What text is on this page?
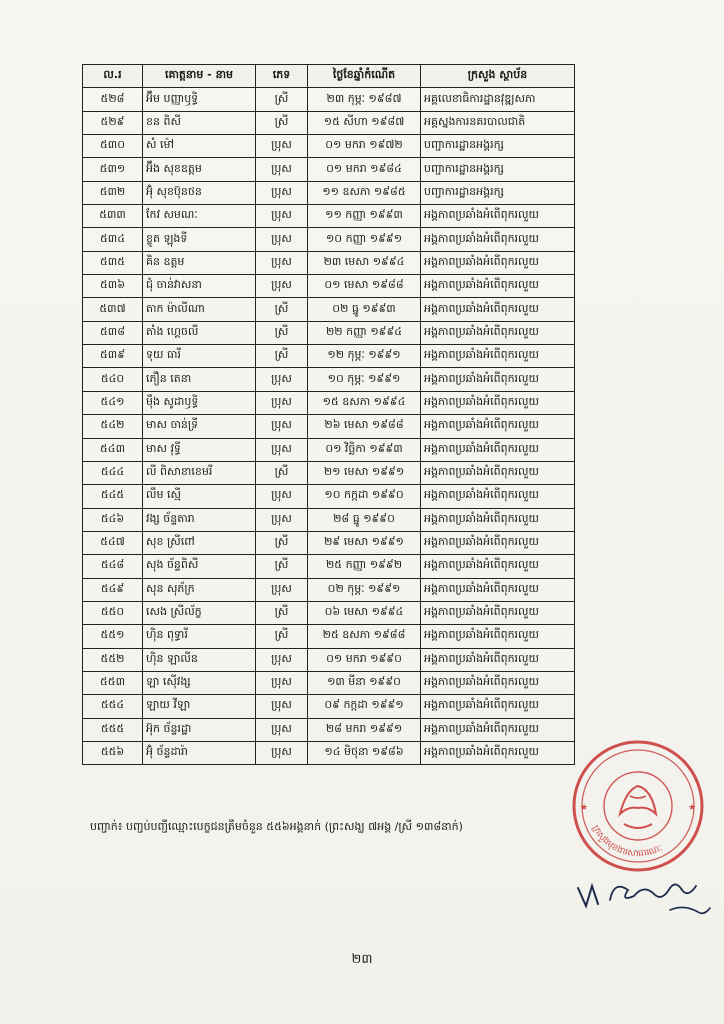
ល.រ	គោត្តនាម - នាម	ភេទ	ថ្ងៃខែឆ្នាំកំណើត	ក្រសួង ស្ថាប័ន
៥២៨	អ៊ឹម បញ្ញាឫទ្ធិ	ស្រី	២៣ កុម្ភៈ ១៩៨៧	អគ្គលេខាធិការដ្ឋានវុឌ្ឍសភា
៥២៩	ខន ពិសី	ស្រី	១៥ សីហា ១៩៨៧	អគ្គស្នងការនគរបាលជាតិ
៥៣០	សំ ម៉ៅ	ប្រុស	០១ មករា ១៩៧២	បញ្ជាការដ្ឋានអង្គរក្ស
៥៣១	អ៊ឹង សុខឧត្តម	ប្រុស	០១ មករា ១៩៨៤	បញ្ជាការដ្ឋានអង្គរក្ស
៥៣២	អ៊ុំ សុខប៊ុនថន	ប្រុស	១១ ឧសភា ១៩៨៥	បញ្ជាការដ្ឋានអង្គរក្ស
៥៣៣	កែវ សមណៈ	ប្រុស	១១ កញ្ញា ១៩៩៣	អង្គភាពប្រឆាំងអំពើពុករលួយ
៥៣៤	ខ្លូត ឡុងទី	ប្រុស	១០ កញ្ញា ១៩៩១	អង្គភាពប្រឆាំងអំពើពុករលួយ
៥៣៥	គិន ឧត្តម	ប្រុស	២៣ មេសា ១៩៩៤	អង្គភាពប្រឆាំងអំពើពុករលួយ
៥៣៦	ជុំ ចាន់វាសនា	ប្រុស	០១ មេសា ១៩៨៨	អង្គភាពប្រឆាំងអំពើពុករលួយ
៥៣៧	តាក ម៉ាលីណា	ស្រី	០២ ធ្នូ ១៩៩៣	អង្គភាពប្រឆាំងអំពើពុករលួយ
៥៣៨	តាំង ហ្គេចលី	ស្រី	២២ កញ្ញា ១៩៩៤	អង្គភាពប្រឆាំងអំពើពុករលួយ
៥៣៩	ទុយ ធារី	ស្រី	១២ កុម្ភៈ ១៩៩១	អង្គភាពប្រឆាំងអំពើពុករលួយ
៥៤០	ភឿន តេនា	ប្រុស	១០ កុម្ភៈ ១៩៩១	អង្គភាពប្រឆាំងអំពើពុករលួយ
៥៤១	ម៉ឹង សូដាឫទ្ធិ	ប្រុស	១៥ ឧសភា ១៩៩៤	អង្គភាពប្រឆាំងអំពើពុករលួយ
៥៤២	មាស ចាន់ទ្រី	ប្រុស	២៦ មេសា ១៩៨៨	អង្គភាពប្រឆាំងអំពើពុករលួយ
៥៤៣	មាស វុទ្ធី	ប្រុស	០១ វិច្ឆិកា ១៩៩៣	អង្គភាពប្រឆាំងអំពើពុករលួយ
៥៤៤	លី ពិសាខាខេមរី	ស្រី	២១ មេសា ១៩៩១	អង្គភាពប្រឆាំងអំពើពុករលួយ
៥៤៥	លឹម ស្មើ	ប្រុស	១០ កក្កដា ១៩៩០	អង្គភាពប្រឆាំងអំពើពុករលួយ
៥៤៦	វង្ស ច័ន្ទតារា	ប្រុស	២៨ ធ្នូ ១៩៩០	អង្គភាពប្រឆាំងអំពើពុករលួយ
៥៤៧	សុខ ស្រីពៅ	ស្រី	២៩ មេសា ១៩៩១	អង្គភាពប្រឆាំងអំពើពុករលួយ
៥៤៨	សុង ច័ន្ទពិសី	ស្រី	២៥ កញ្ញា ១៩៩២	អង្គភាពប្រឆាំងអំពើពុករលួយ
៥៤៩	សុន សុភ័ក្រ	ប្រុស	០២ កុម្ភៈ ១៩៩១	អង្គភាពប្រឆាំងអំពើពុករលួយ
៥៥០	សេង ស្រីល័ក្ខ	ស្រី	០៦ មេសា ១៩៩៤	អង្គភាពប្រឆាំងអំពើពុករលួយ
៥៥១	ហ៊ិន ពុទ្ធារី	ស្រី	២៥ ឧសភា ១៩៨៨	អង្គភាពប្រឆាំងអំពើពុករលួយ
៥៥២	ហ៊ិន ឡាលីន	ប្រុស	០១ មករា ១៩៩០	អង្គភាពប្រឆាំងអំពើពុករលួយ
៥៥៣	ឡា ស៊ើវង្ស	ប្រុស	១៣ មីនា ១៩៩០	អង្គភាពប្រឆាំងអំពើពុករលួយ
៥៥៤	ឡាយ វីឡា	ប្រុស	០៩ កក្កដា ១៩៩១	អង្គភាពប្រឆាំងអំពើពុករលួយ
៥៥៥	អ៊ុក ច័ន្ទរដ្ឋា	ប្រុស	២៨ មករា ១៩៩១	អង្គភាពប្រឆាំងអំពើពុករលួយ
៥៥៦	អ៊ុំ ច័ន្ទដារ៉ា	ប្រុស	១៤ មិថុនា ១៩៨៦	អង្គភាពប្រឆាំងអំពើពុករលួយ
បញ្ជាក់៖ បញ្ជប់បញ្ជីឈ្មោះបេក្ខជនត្រឹមចំនួន ៥៥៦អង្គនាក់ (ព្រះសង្ឃ ៧អង្គ /ស្រី ១៣៨នាក់)
★	★
ក្រសួងមុខងារសាធារណៈ
២៣
